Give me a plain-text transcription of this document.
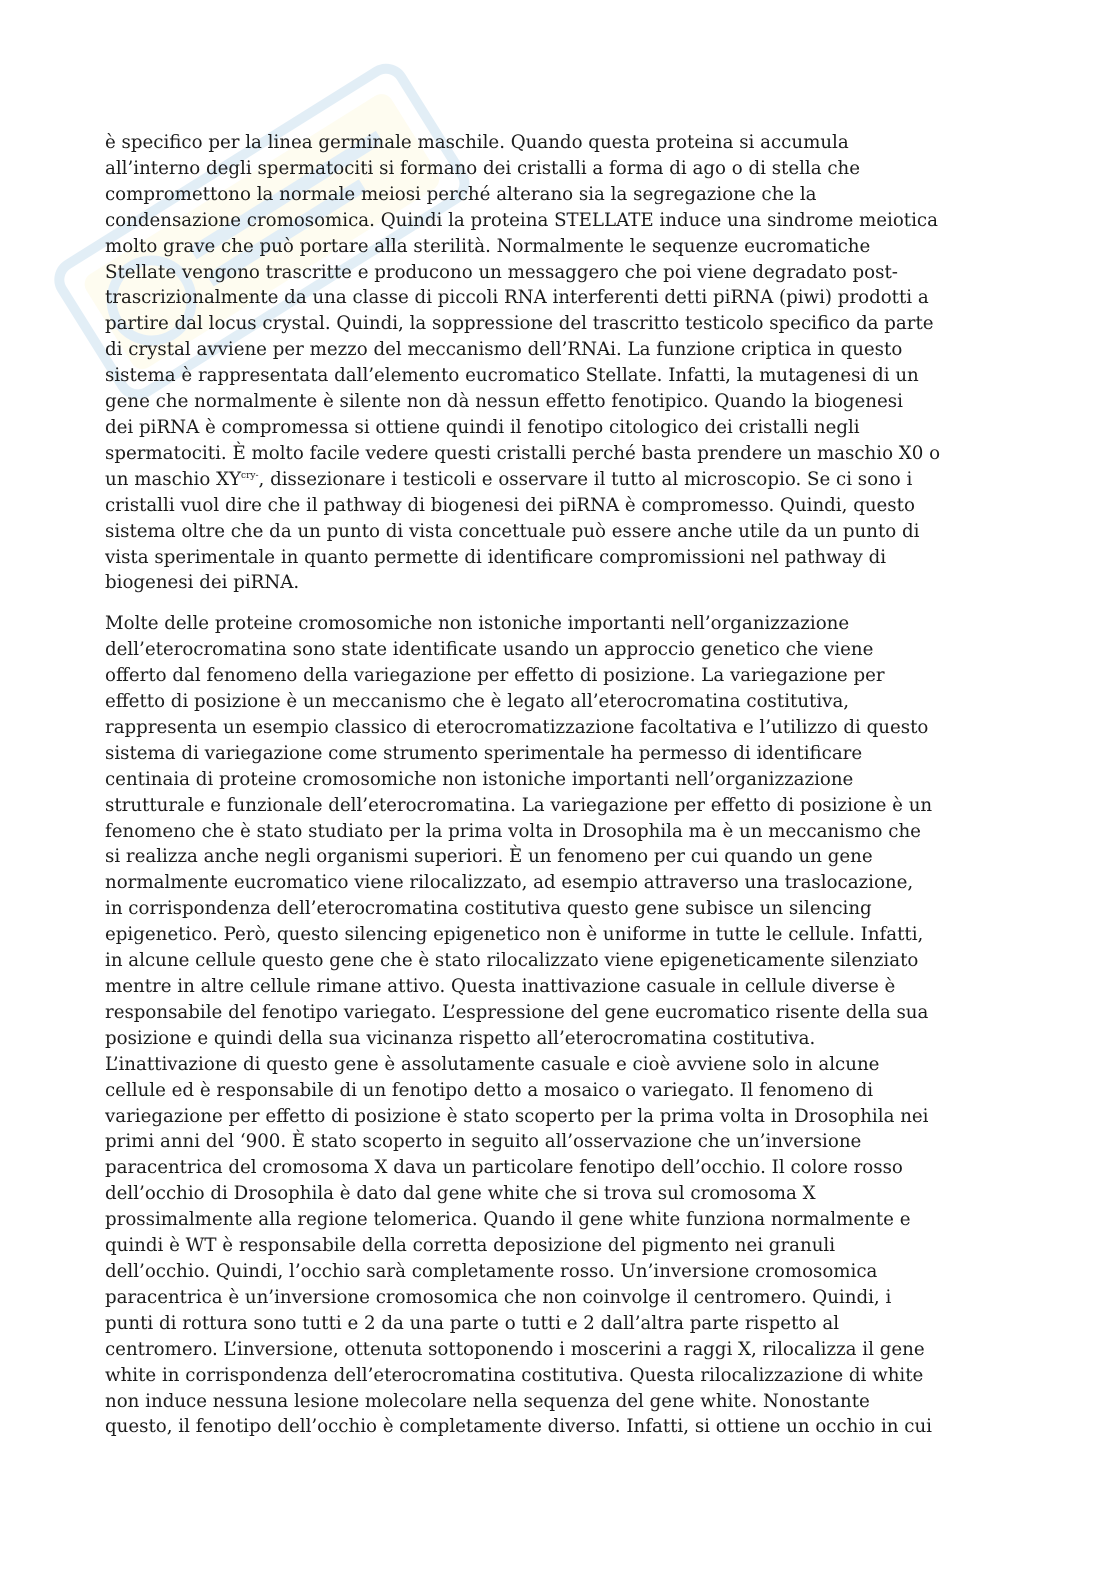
è specifico per la linea germinale maschile. Quando questa proteina si accumula
all’interno degli spermatociti si formano dei cristalli a forma di ago o di stella che
compromettono la normale meiosi perché alterano sia la segregazione che la
condensazione cromosomica. Quindi la proteina STELLATE induce una sindrome meiotica
molto grave che può portare alla sterilità. Normalmente le sequenze eucromatiche
Stellate vengono trascritte e producono un messaggero che poi viene degradato post-
trascrizionalmente da una classe di piccoli RNA interferenti detti piRNA (piwi) prodotti a
partire dal locus crystal. Quindi, la soppressione del trascritto testicolo specifico da parte
di crystal avviene per mezzo del meccanismo dell’RNAi. La funzione criptica in questo
sistema è rappresentata dall’elemento eucromatico Stellate. Infatti, la mutagenesi di un
gene che normalmente è silente non dà nessun effetto fenotipico. Quando la biogenesi
dei piRNA è compromessa si ottiene quindi il fenotipo citologico dei cristalli negli
spermatociti. È molto facile vedere questi cristalli perché basta prendere un maschio X0 o
un maschio $XY^{cry-}$, dissezionare i testicoli e osservare il tutto al microscopio. Se ci sono i
cristalli vuol dire che il pathway di biogenesi dei piRNA è compromesso. Quindi, questo
sistema oltre che da un punto di vista concettuale può essere anche utile da un punto di
vista sperimentale in quanto permette di identificare compromissioni nel pathway di
biogenesi dei piRNA.

Molte delle proteine cromosomiche non istoniche importanti nell’organizzazione
dell’eterocromatina sono state identificate usando un approccio genetico che viene
offerto dal fenomeno della variegazione per effetto di posizione. La variegazione per
effetto di posizione è un meccanismo che è legato all’eterocromatina costitutiva,
rappresenta un esempio classico di eterocromatizzazione facoltativa e l’utilizzo di questo
sistema di variegazione come strumento sperimentale ha permesso di identificare
centinaia di proteine cromosomiche non istoniche importanti nell’organizzazione
strutturale e funzionale dell’eterocromatina. La variegazione per effetto di posizione è un
fenomeno che è stato studiato per la prima volta in Drosophila ma è un meccanismo che
si realizza anche negli organismi superiori. È un fenomeno per cui quando un gene
normalmente eucromatico viene rilocalizzato, ad esempio attraverso una traslocazione,
in corrispondenza dell’eterocromatina costitutiva questo gene subisce un silencing
epigenetico. Però, questo silencing epigenetico non è uniforme in tutte le cellule. Infatti,
in alcune cellule questo gene che è stato rilocalizzato viene epigeneticamente silenziato
mentre in altre cellule rimane attivo. Questa inattivazione casuale in cellule diverse è
responsabile del fenotipo variegato. L’espressione del gene eucromatico risente della sua
posizione e quindi della sua vicinanza rispetto all’eterocromatina costitutiva.
L’inattivazione di questo gene è assolutamente casuale e cioè avviene solo in alcune
cellule ed è responsabile di un fenotipo detto a mosaico o variegato. Il fenomeno di
variegazione per effetto di posizione è stato scoperto per la prima volta in Drosophila nei
primi anni del ‘900. È stato scoperto in seguito all’osservazione che un’inversione
paracentrica del cromosoma X dava un particolare fenotipo dell’occhio. Il colore rosso
dell’occhio di Drosophila è dato dal gene white che si trova sul cromosoma X
prossimalmente alla regione telomerica. Quando il gene white funziona normalmente e
quindi è WT è responsabile della corretta deposizione del pigmento nei granuli
dell’occhio. Quindi, l’occhio sarà completamente rosso. Un’inversione cromosomica
paracentrica è un’inversione cromosomica che non coinvolge il centromero. Quindi, i
punti di rottura sono tutti e 2 da una parte o tutti e 2 dall’altra parte rispetto al
centromero. L’inversione, ottenuta sottoponendo i moscerini a raggi X, rilocalizza il gene
white in corrispondenza dell’eterocromatina costitutiva. Questa rilocalizzazione di white
non induce nessuna lesione molecolare nella sequenza del gene white. Nonostante
questo, il fenotipo dell’occhio è completamente diverso. Infatti, si ottiene un occhio in cui
